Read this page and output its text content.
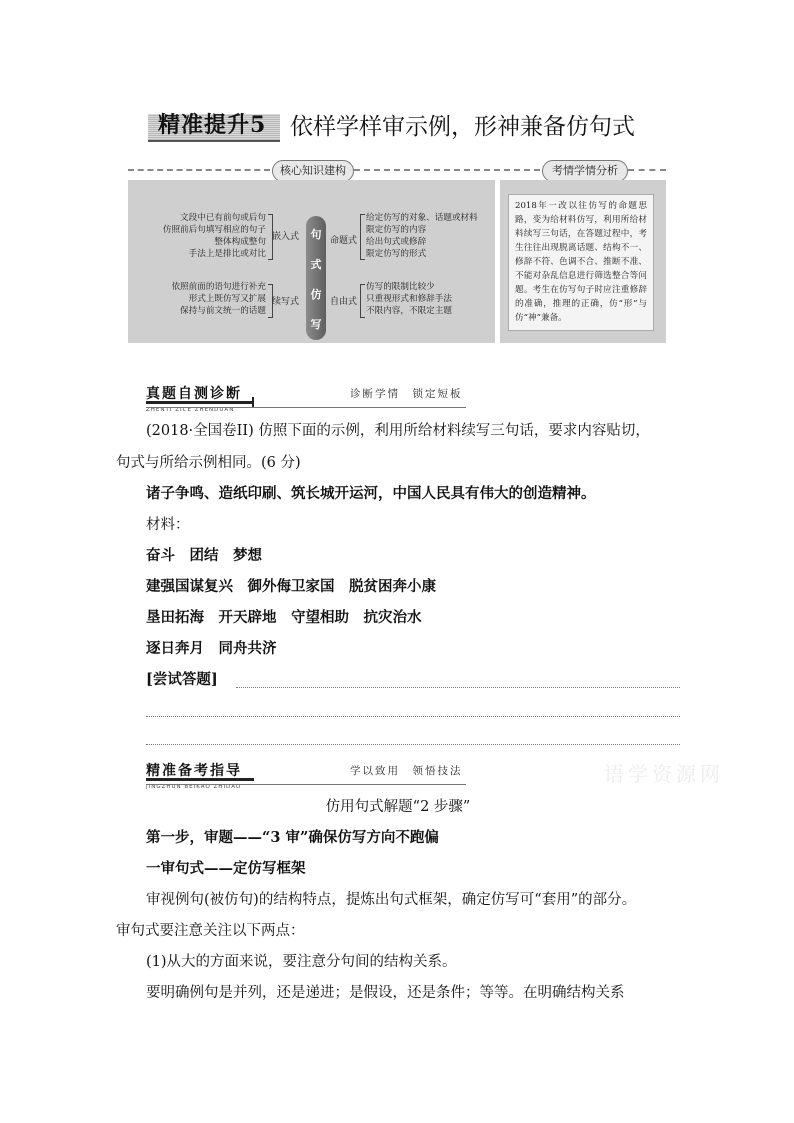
精准提升5 依样学样审示例，形神兼备仿句式
核心知识建构	考情学情分析
文段中已有前句或后句
仿照前后句填写相应的句子
整体构成整句
手法上是排比或对比
嵌入式
依照前面的语句进行补充
形式上既仿写又扩展
保持与前文统一的话题
续写式
句
式
仿
写
命题式
给定仿写的对象、话题或材料
限定仿写的内容
给出句式或修辞
限定仿写的形式
自由式
仿写的限制比较少
只重视形式和修辞手法
不限内容，不限定主题
2018年一改以往仿写的命题思路，变为给材料仿写，利用所给材料续写三句话，在答题过程中，考生往往出现脱离话题、结构不一、修辞不符、色调不合、推断不准、不能对杂乱信息进行筛选整合等问题。考生在仿写句子时应注重修辞的准确，推理的正确，仿“形”与仿“神”兼备。
真题自测诊断
ZHENTI ZICE ZHENDUAN
诊断学情　锁定短板
(2018·全国卷II) 仿照下面的示例，利用所给材料续写三句话，要求内容贴切，
句式与所给示例相同。(6 分)
诸子争鸣、造纸印刷、筑长城开运河，中国人民具有伟大的创造精神。
材料：
奋斗　团结　梦想
建强国谋复兴　御外侮卫家国　脱贫困奔小康
垦田拓海　开天辟地　守望相助　抗灾治水
逐日奔月　同舟共济
[尝试答题]
精准备考指导
JINGZHUN BEIKAO ZHIDAO
学以致用　领悟技法	语学资源网
仿用句式解题“2 步骤”
第一步，审题——“3 审”确保仿写方向不跑偏
一审句式——定仿写框架
审视例句(被仿句)的结构特点，提炼出句式框架，确定仿写可“套用”的部分。
审句式要注意关注以下两点：
(1)从大的方面来说，要注意分句间的结构关系。
要明确例句是并列，还是递进；是假设，还是条件；等等。在明确结构关系
